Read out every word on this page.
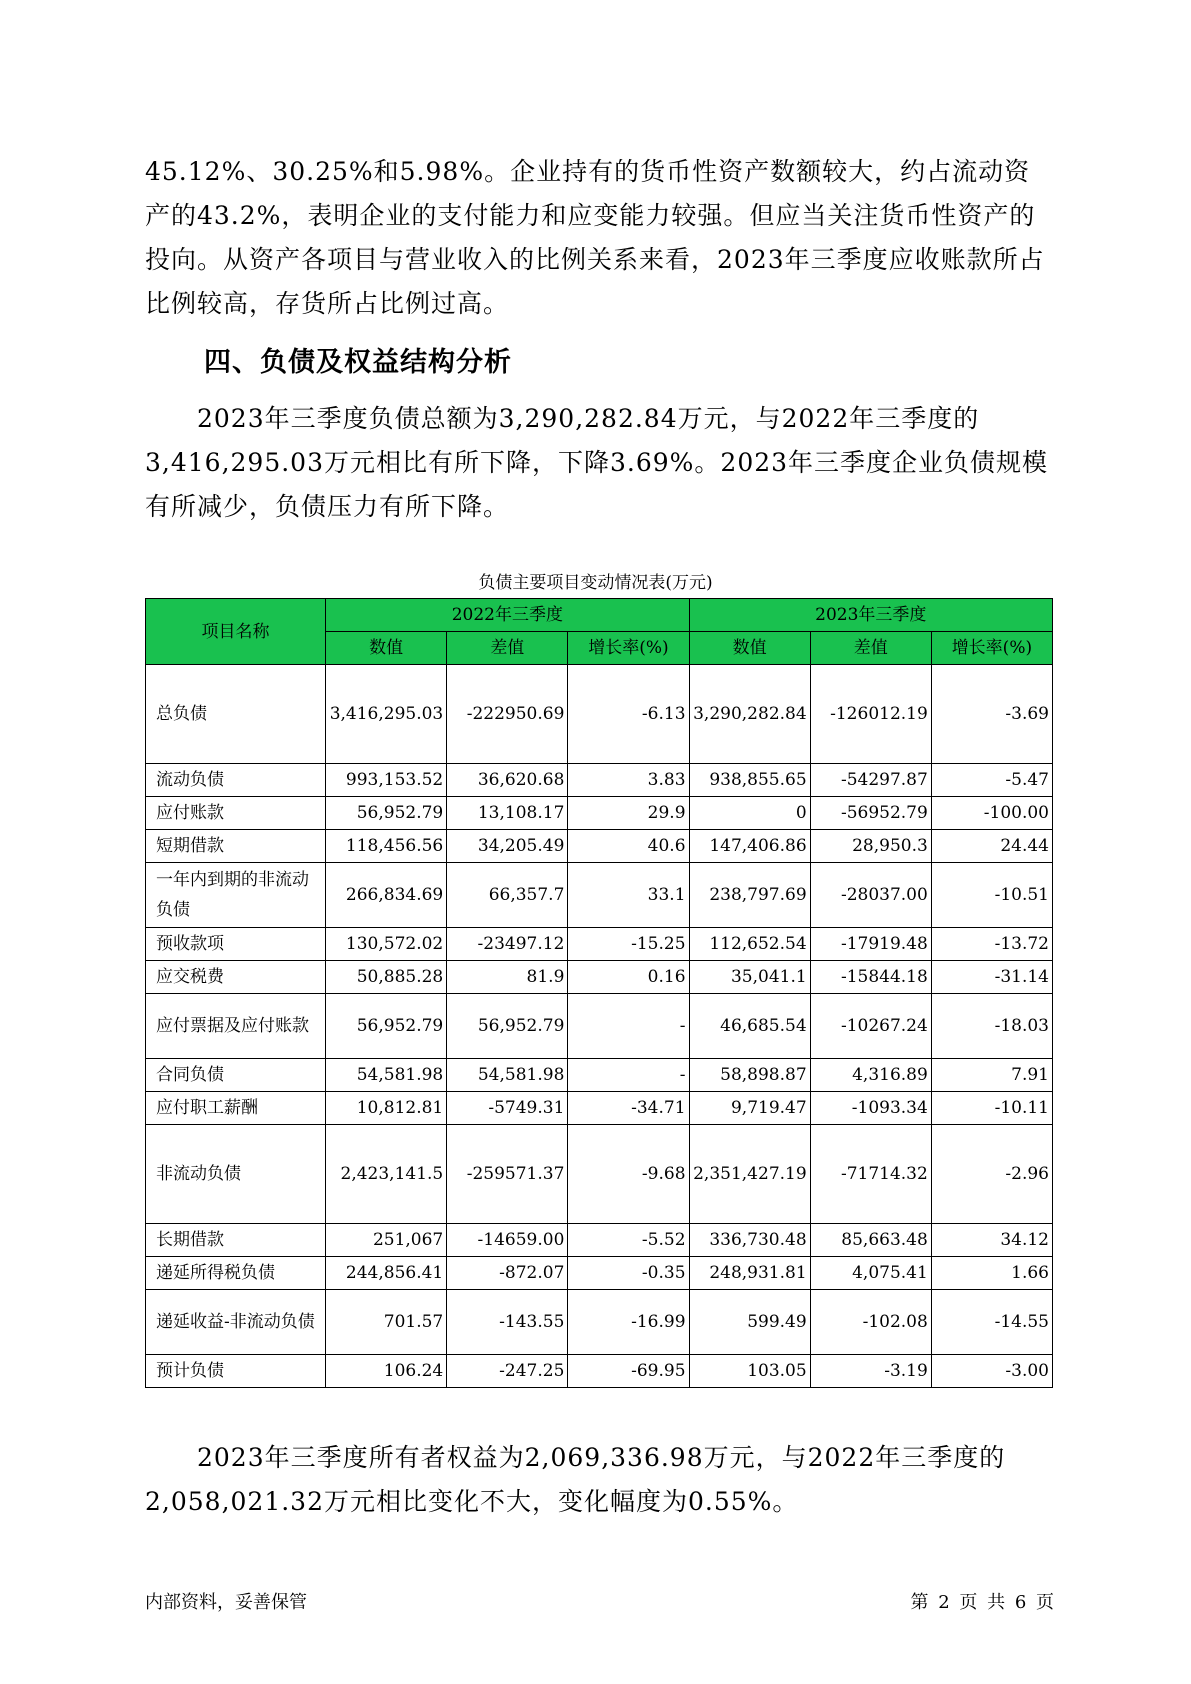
45.12%、30.25%和5.98%。企业持有的货币性资产数额较大，约占流动资产的43.2%，表明企业的支付能力和应变能力较强。但应当关注货币性资产的投向。从资产各项目与营业收入的比例关系来看，2023年三季度应收账款所占比例较高，存货所占比例过高。

四、负债及权益结构分析

2023年三季度负债总额为3,290,282.84万元，与2022年三季度的3,416,295.03万元相比有所下降，下降3.69%。2023年三季度企业负债规模有所减少，负债压力有所下降。

负债主要项目变动情况表(万元)
项目名称	2022年三季度			2023年三季度		
	数值	差值	增长率(%)	数值	差值	增长率(%)
总负债	3,416,295.03	-222950.69	-6.13	3,290,282.84	-126012.19	-3.69
流动负债	993,153.52	36,620.68	3.83	938,855.65	-54297.87	-5.47
应付账款	56,952.79	13,108.17	29.9	0	-56952.79	-100.00
短期借款	118,456.56	34,205.49	40.6	147,406.86	28,950.3	24.44
一年内到期的非流动负债	266,834.69	66,357.7	33.1	238,797.69	-28037.00	-10.51
预收款项	130,572.02	-23497.12	-15.25	112,652.54	-17919.48	-13.72
应交税费	50,885.28	81.9	0.16	35,041.1	-15844.18	-31.14
应付票据及应付账款	56,952.79	56,952.79	-	46,685.54	-10267.24	-18.03
合同负债	54,581.98	54,581.98	-	58,898.87	4,316.89	7.91
应付职工薪酬	10,812.81	-5749.31	-34.71	9,719.47	-1093.34	-10.11
非流动负债	2,423,141.5	-259571.37	-9.68	2,351,427.19	-71714.32	-2.96
长期借款	251,067	-14659.00	-5.52	336,730.48	85,663.48	34.12
递延所得税负债	244,856.41	-872.07	-0.35	248,931.81	4,075.41	1.66
递延收益-非流动负债	701.57	-143.55	-16.99	599.49	-102.08	-14.55
预计负债	106.24	-247.25	-69.95	103.05	-3.19	-3.00

2023年三季度所有者权益为2,069,336.98万元，与2022年三季度的2,058,021.32万元相比变化不大，变化幅度为0.55%。

内部资料，妥善保管	第 2 页 共 6 页
